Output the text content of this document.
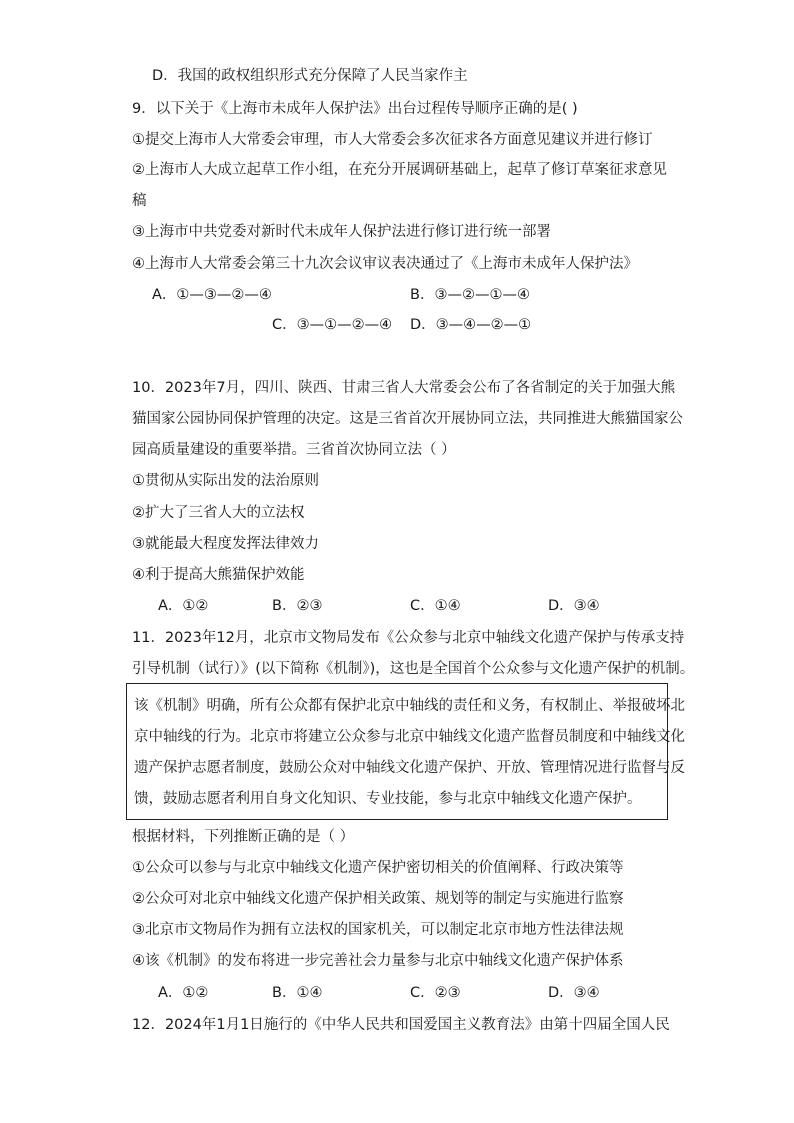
D．我国的政权组织形式充分保障了人民当家作主
9．以下关于《上海市未成年人保护法》出台过程传导顺序正确的是( )
①提交上海市人大常委会审理，市人大常委会多次征求各方面意见建议并进行修订
②上海市人大成立起草工作小组，在充分开展调研基础上，起草了修订草案征求意见
稿
③上海市中共党委对新时代未成年人保护法进行修订进行统一部署
④上海市人大常委会第三十九次会议审议表决通过了《上海市未成年人保护法》
A．①—③—②—④	B．③—②—①—④
C．③—①—②—④ D．③—④—②—①
10．2023年7月，四川、陕西、甘肃三省人大常委会公布了各省制定的关于加强大熊
猫国家公园协同保护管理的决定。这是三省首次开展协同立法，共同推进大熊猫国家公
园高质量建设的重要举措。三省首次协同立法（ ）
①贯彻从实际出发的法治原则
②扩大了三省人大的立法权
③就能最大程度发挥法律效力
④利于提高大熊猫保护效能
A．①②	B．②③	C．①④	D．③④
11．2023年12月，北京市文物局发布《公众参与北京中轴线文化遗产保护与传承支持
引导机制（试行）》(以下简称《机制》)，这也是全国首个公众参与文化遗产保护的机制。
该《机制》明确，所有公众都有保护北京中轴线的责任和义务，有权制止、举报破坏北
京中轴线的行为。北京市将建立公众参与北京中轴线文化遗产监督员制度和中轴线文化
遗产保护志愿者制度，鼓励公众对中轴线文化遗产保护、开放、管理情况进行监督与反
馈，鼓励志愿者利用自身文化知识、专业技能，参与北京中轴线文化遗产保护。
根据材料，下列推断正确的是（ ）
①公众可以参与与北京中轴线文化遗产保护密切相关的价值阐释、行政决策等
②公众可对北京中轴线文化遗产保护相关政策、规划等的制定与实施进行监察
③北京市文物局作为拥有立法权的国家机关，可以制定北京市地方性法律法规
④该《机制》的发布将进一步完善社会力量参与北京中轴线文化遗产保护体系
A．①②	B．①④	C．②③	D．③④
12．2024年1月1日施行的《中华人民共和国爱国主义教育法》由第十四届全国人民
